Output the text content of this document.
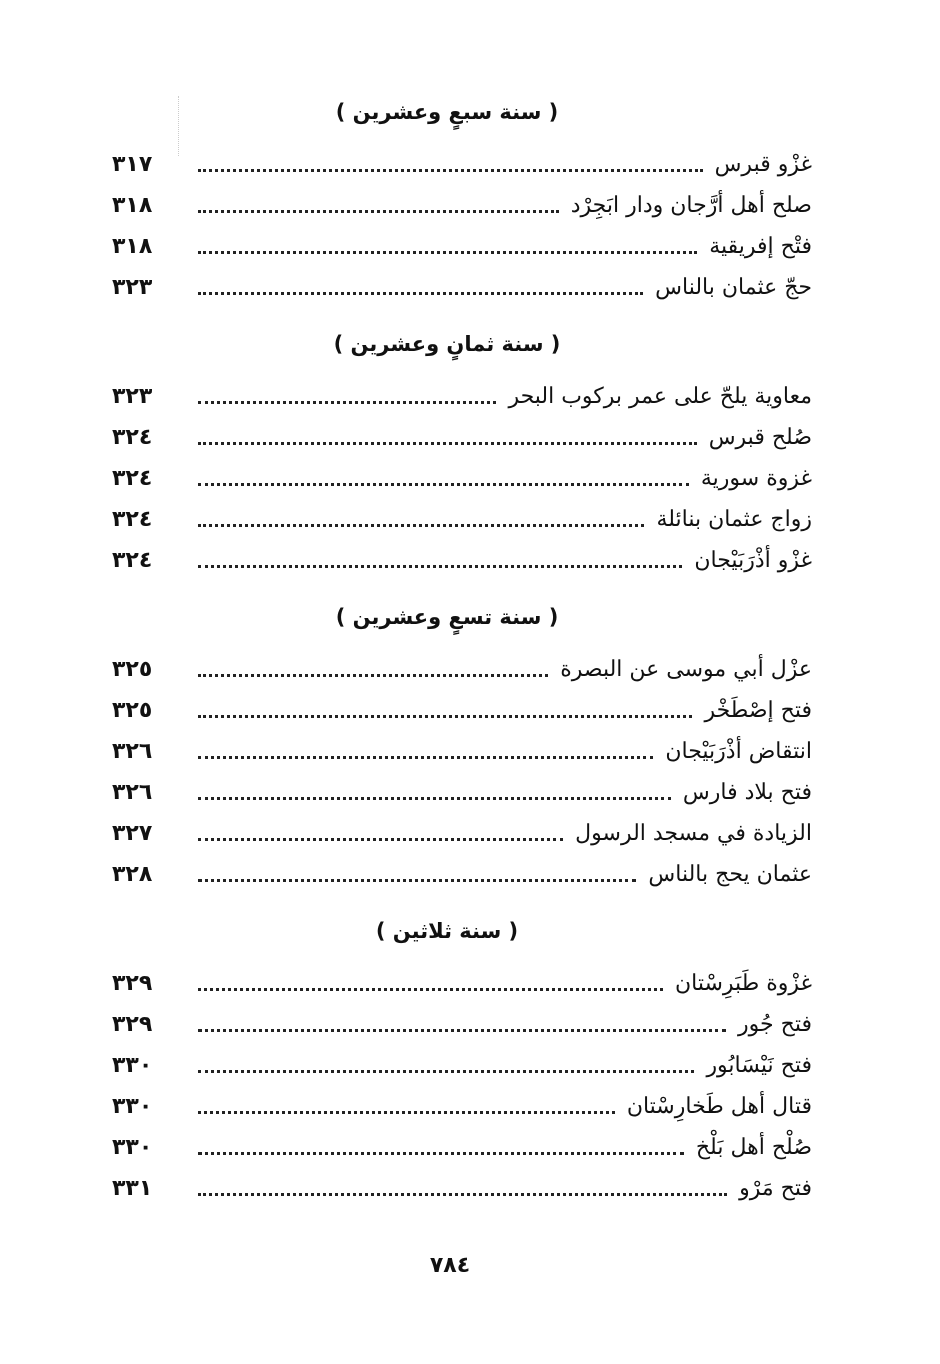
( سنة سبعٍ وعشرين )
غزْو قبرس
٣١٧
صلح أهل أرَّجان ودار ابَجِرْد
٣١٨
فتْح إفريقية
٣١٨
حجّ عثمان بالناس
٣٢٣
( سنة ثمانٍ وعشرين )
معاوية يلحّ على عمر بركوب البحر
٣٢٣
صُلح قبرس
٣٢٤
غزوة سورية
٣٢٤
زواج عثمان بنائلة
٣٢٤
غزْو أذْرَبَيْجان
٣٢٤
( سنة تسعٍ وعشرين )
عزْل أبي موسى عن البصرة
٣٢٥
فتح إصْطَخْر
٣٢٥
انتقاض أذْرَبَيْجان
٣٢٦
فتح بلاد فارس
٣٢٦
الزيادة في مسجد الرسول
٣٢٧
عثمان يحج بالناس
٣٢٨
( سنة ثلاثين )
غزْوة طَبَرِسْتان
٣٢٩
فتح جُور
٣٢٩
فتح نَيْسَابُور
٣٣٠
قتال أهل طَخارِسْتان
٣٣٠
صُلْح أهل بَلْخ
٣٣٠
فتح مَرْو
٣٣١
٧٨٤
